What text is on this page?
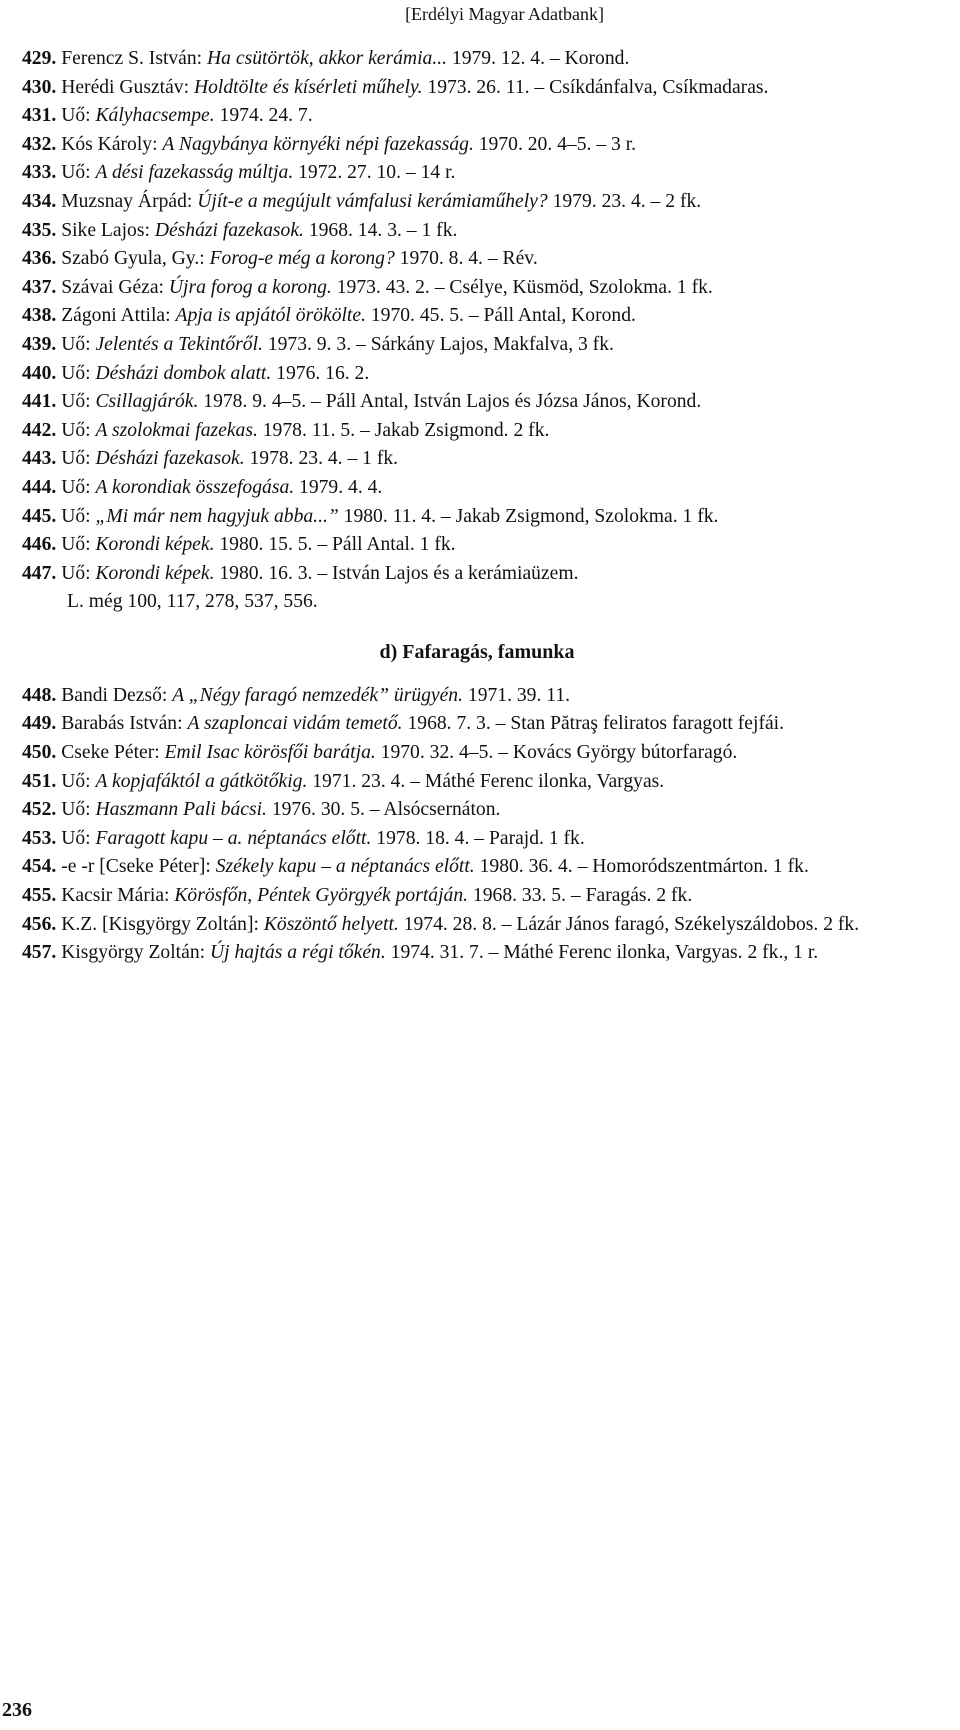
[Erdélyi Magyar Adatbank]
429. Ferencz S. István: Ha csütörtök, akkor kerámia... 1979. 12. 4. – Korond.
430. Herédi Gusztáv: Holdtölte és kísérleti műhely. 1973. 26. 11. – Csíkdánfalva, Csíkmadaras.
431. Uő: Kályhacsempe. 1974. 24. 7.
432. Kós Károly: A Nagybánya környéki népi fazekasság. 1970. 20. 4–5. – 3 r.
433. Uő: A dési fazekasság múltja. 1972. 27. 10. – 14 r.
434. Muzsnay Árpád: Újít-e a megújult vámfalusi kerámiaműhely? 1979. 23. 4. – 2 fk.
435. Sike Lajos: Désházi fazekasok. 1968. 14. 3. – 1 fk.
436. Szabó Gyula, Gy.: Forog-e még a korong? 1970. 8. 4. – Rév.
437. Szávai Géza: Újra forog a korong. 1973. 43. 2. – Csélye, Küsmöd, Szolokma. 1 fk.
438. Zágoni Attila: Apja is apjától örökölte. 1970. 45. 5. – Páll Antal, Korond.
439. Uő: Jelentés a Tekintőről. 1973. 9. 3. – Sárkány Lajos, Makfalva, 3 fk.
440. Uő: Désházi dombok alatt. 1976. 16. 2.
441. Uő: Csillagjárók. 1978. 9. 4–5. – Páll Antal, István Lajos és Józsa János, Korond.
442. Uő: A szolokmai fazekas. 1978. 11. 5. – Jakab Zsigmond. 2 fk.
443. Uő: Désházi fazekasok. 1978. 23. 4. – 1 fk.
444. Uő: A korondiak összefogása. 1979. 4. 4.
445. Uő: „Mi már nem hagyjuk abba...” 1980. 11. 4. – Jakab Zsigmond, Szolokma. 1 fk.
446. Uő: Korondi képek. 1980. 15. 5. – Páll Antal. 1 fk.
447. Uő: Korondi képek. 1980. 16. 3. – István Lajos és a kerámiaüzem.
L. még 100, 117, 278, 537, 556.
d) Fafaragás, famunka
448. Bandi Dezső: A „Négy faragó nemzedék” ürügyén. 1971. 39. 11.
449. Barabás István: A szaploncai vidám temető. 1968. 7. 3. – Stan Pătraş feliratos faragott fejfái.
450. Cseke Péter: Emil Isac körösfői barátja. 1970. 32. 4–5. – Kovács György bútorfaragó.
451. Uő: A kopjafáktól a gátkötőkig. 1971. 23. 4. – Máthé Ferenc ilonka, Vargyas.
452. Uő: Haszmann Pali bácsi. 1976. 30. 5. – Alsócsernáton.
453. Uő: Faragott kapu – a. néptanács előtt. 1978. 18. 4. – Parajd. 1 fk.
454. -e -r [Cseke Péter]: Székely kapu – a néptanács előtt. 1980. 36. 4. – Homoródszentmárton. 1 fk.
455. Kacsir Mária: Körösfőn, Péntek Györgyék portáján. 1968. 33. 5. – Faragás. 2 fk.
456. K.Z. [Kisgyörgy Zoltán]: Köszöntő helyett. 1974. 28. 8. – Lázár János faragó, Székelyszáldobos. 2 fk.
457. Kisgyörgy Zoltán: Új hajtás a régi tőkén. 1974. 31. 7. – Máthé Ferenc ilonka, Vargyas. 2 fk., 1 r.
236
